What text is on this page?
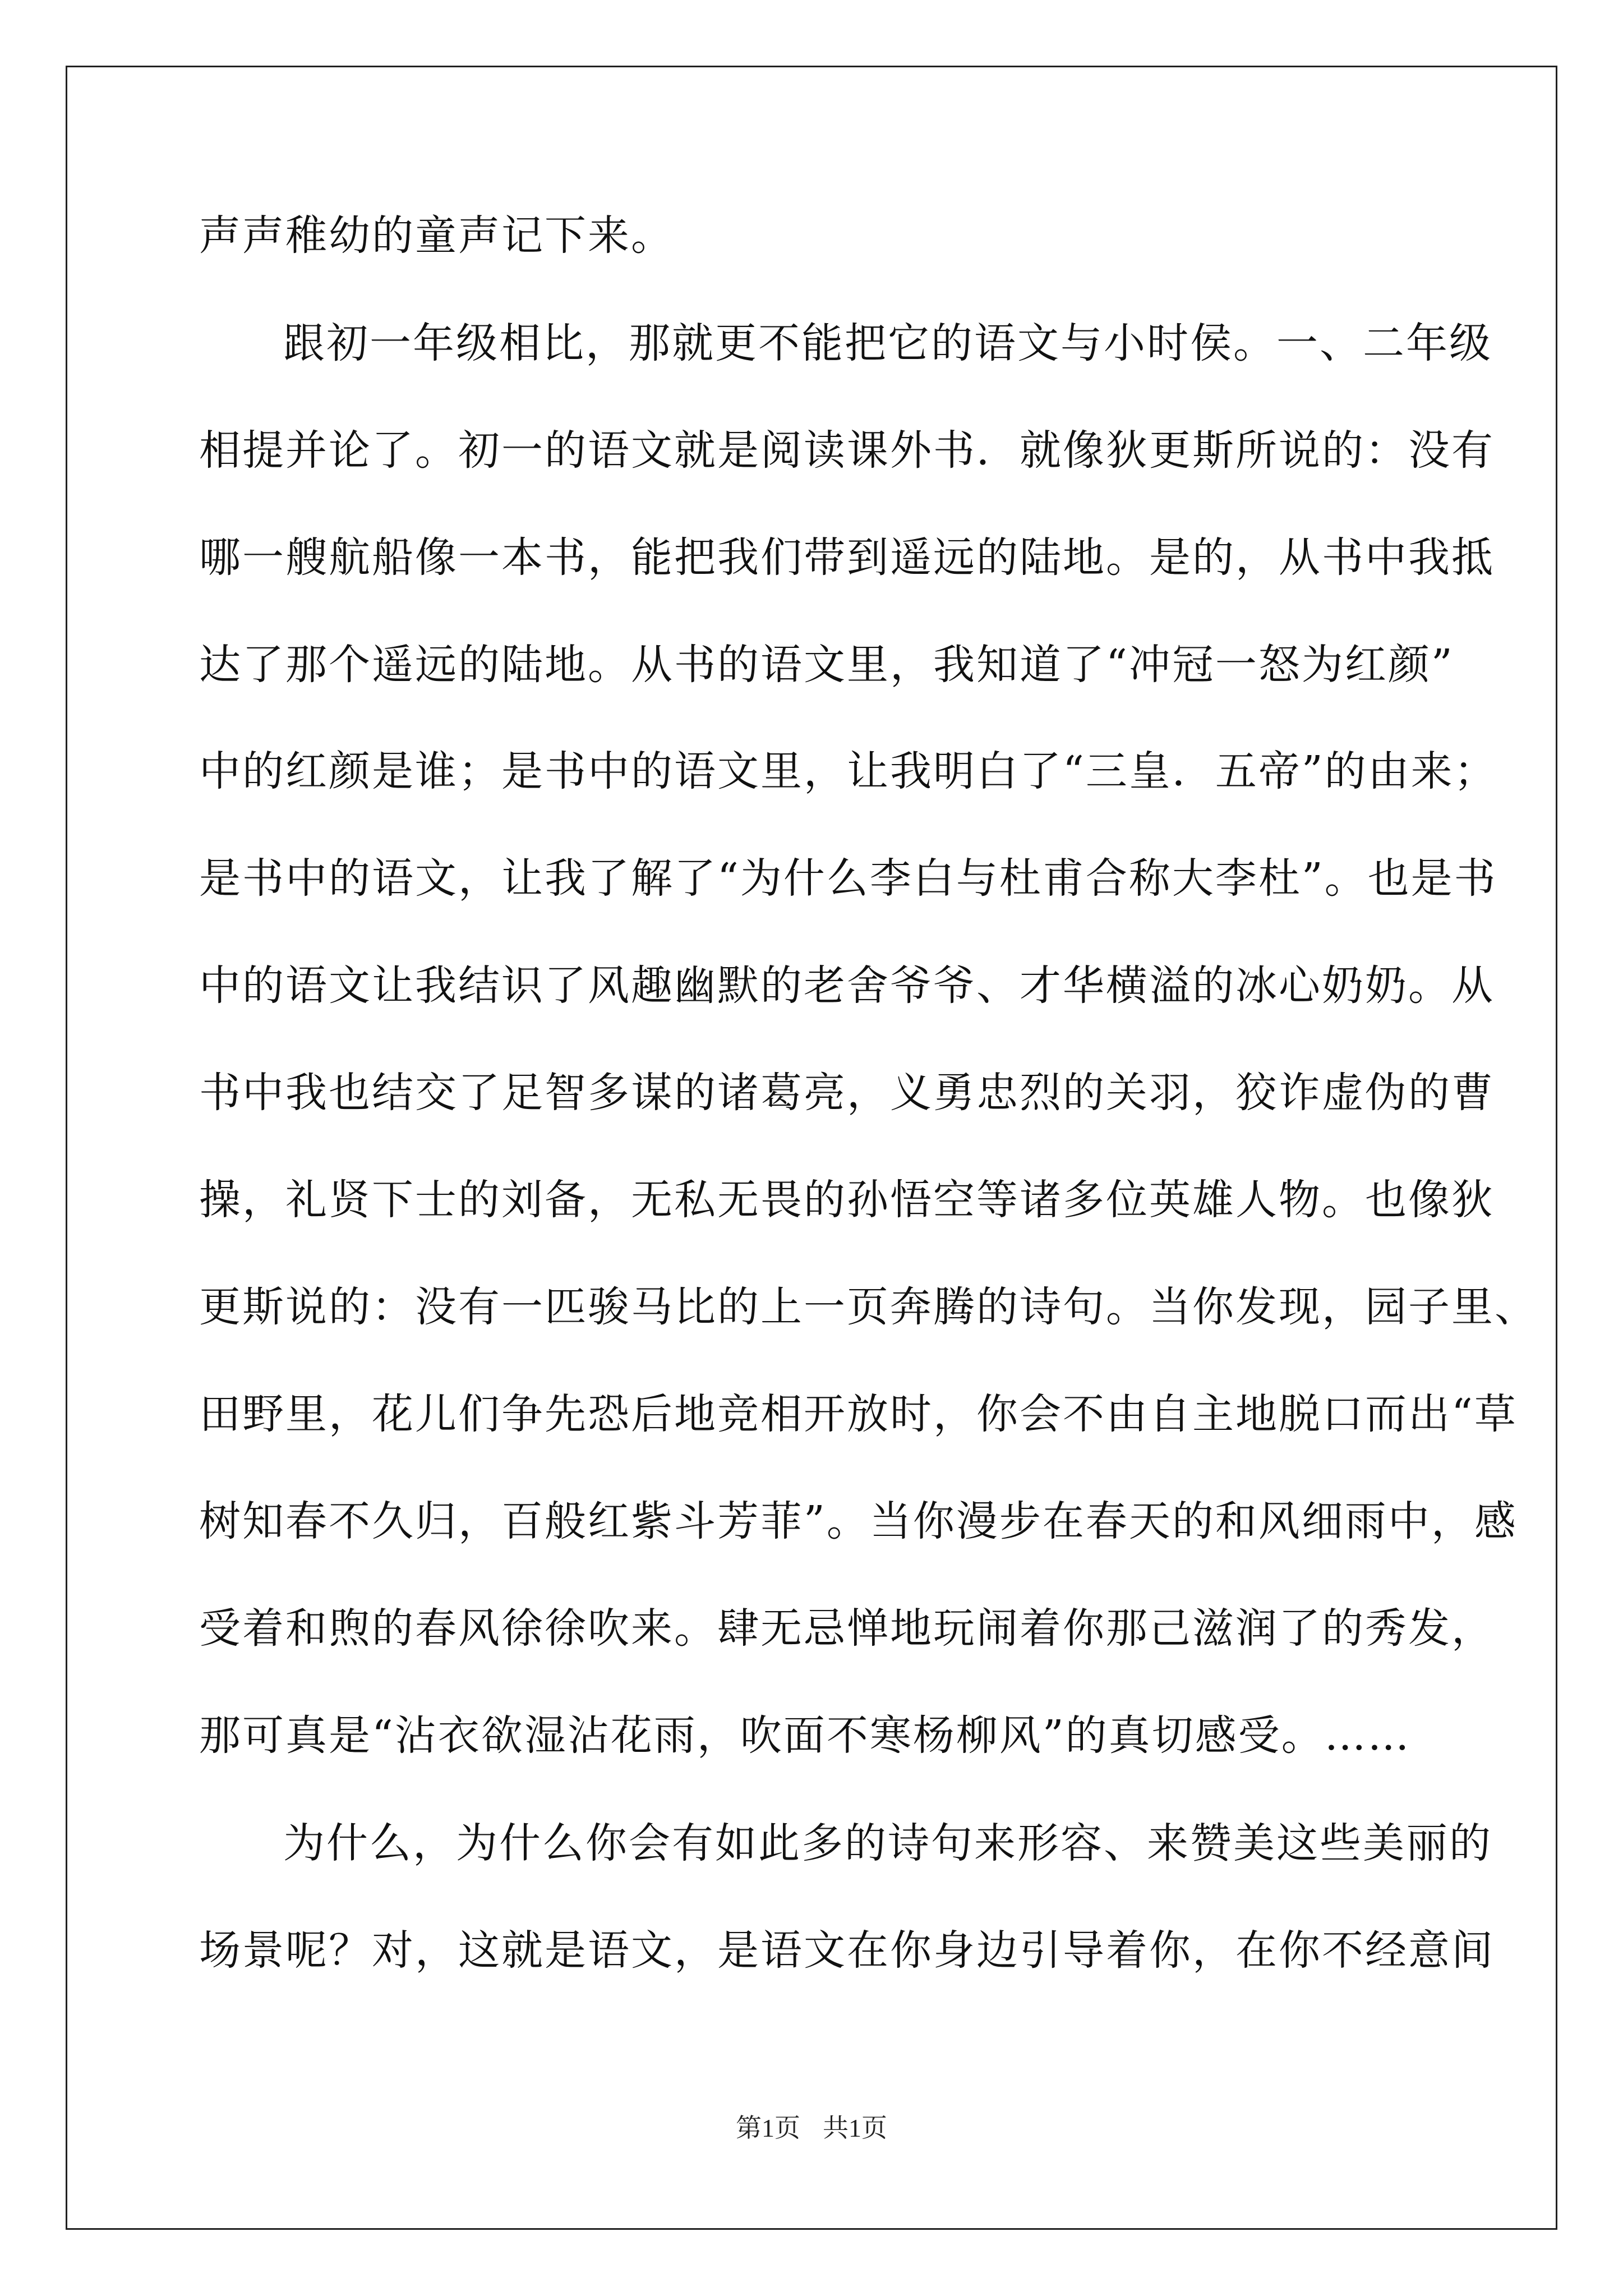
声声稚幼的童声记下来。
跟初一年级相比，那就更不能把它的语文与小时侯。一、二年级
相提并论了。初一的语文就是阅读课外书．就像狄更斯所说的：没有
哪一艘航船像一本书，能把我们带到遥远的陆地。是的，从书中我抵
达了那个遥远的陆地。从书的语文里，我知道了“冲冠一怒为红颜”
中的红颜是谁；是书中的语文里，让我明白了“三皇．五帝”的由来；
是书中的语文，让我了解了“为什么李白与杜甫合称大李杜”。也是书
中的语文让我结识了风趣幽默的老舍爷爷、才华横溢的冰心奶奶。从
书中我也结交了足智多谋的诸葛亮，义勇忠烈的关羽，狡诈虚伪的曹
操，礼贤下士的刘备，无私无畏的孙悟空等诸多位英雄人物。也像狄
更斯说的：没有一匹骏马比的上一页奔腾的诗句。当你发现，园子里、
田野里，花儿们争先恐后地竞相开放时，你会不由自主地脱口而出“草
树知春不久归，百般红紫斗芳菲”。当你漫步在春天的和风细雨中，感
受着和煦的春风徐徐吹来。肆无忌惮地玩闹着你那己滋润了的秀发，
那可真是“沾衣欲湿沾花雨，吹面不寒杨柳风”的真切感受。……
为什么，为什么你会有如此多的诗句来形容、来赞美这些美丽的
场景呢？对，这就是语文，是语文在你身边引导着你，在你不经意间
第1页 共1页
